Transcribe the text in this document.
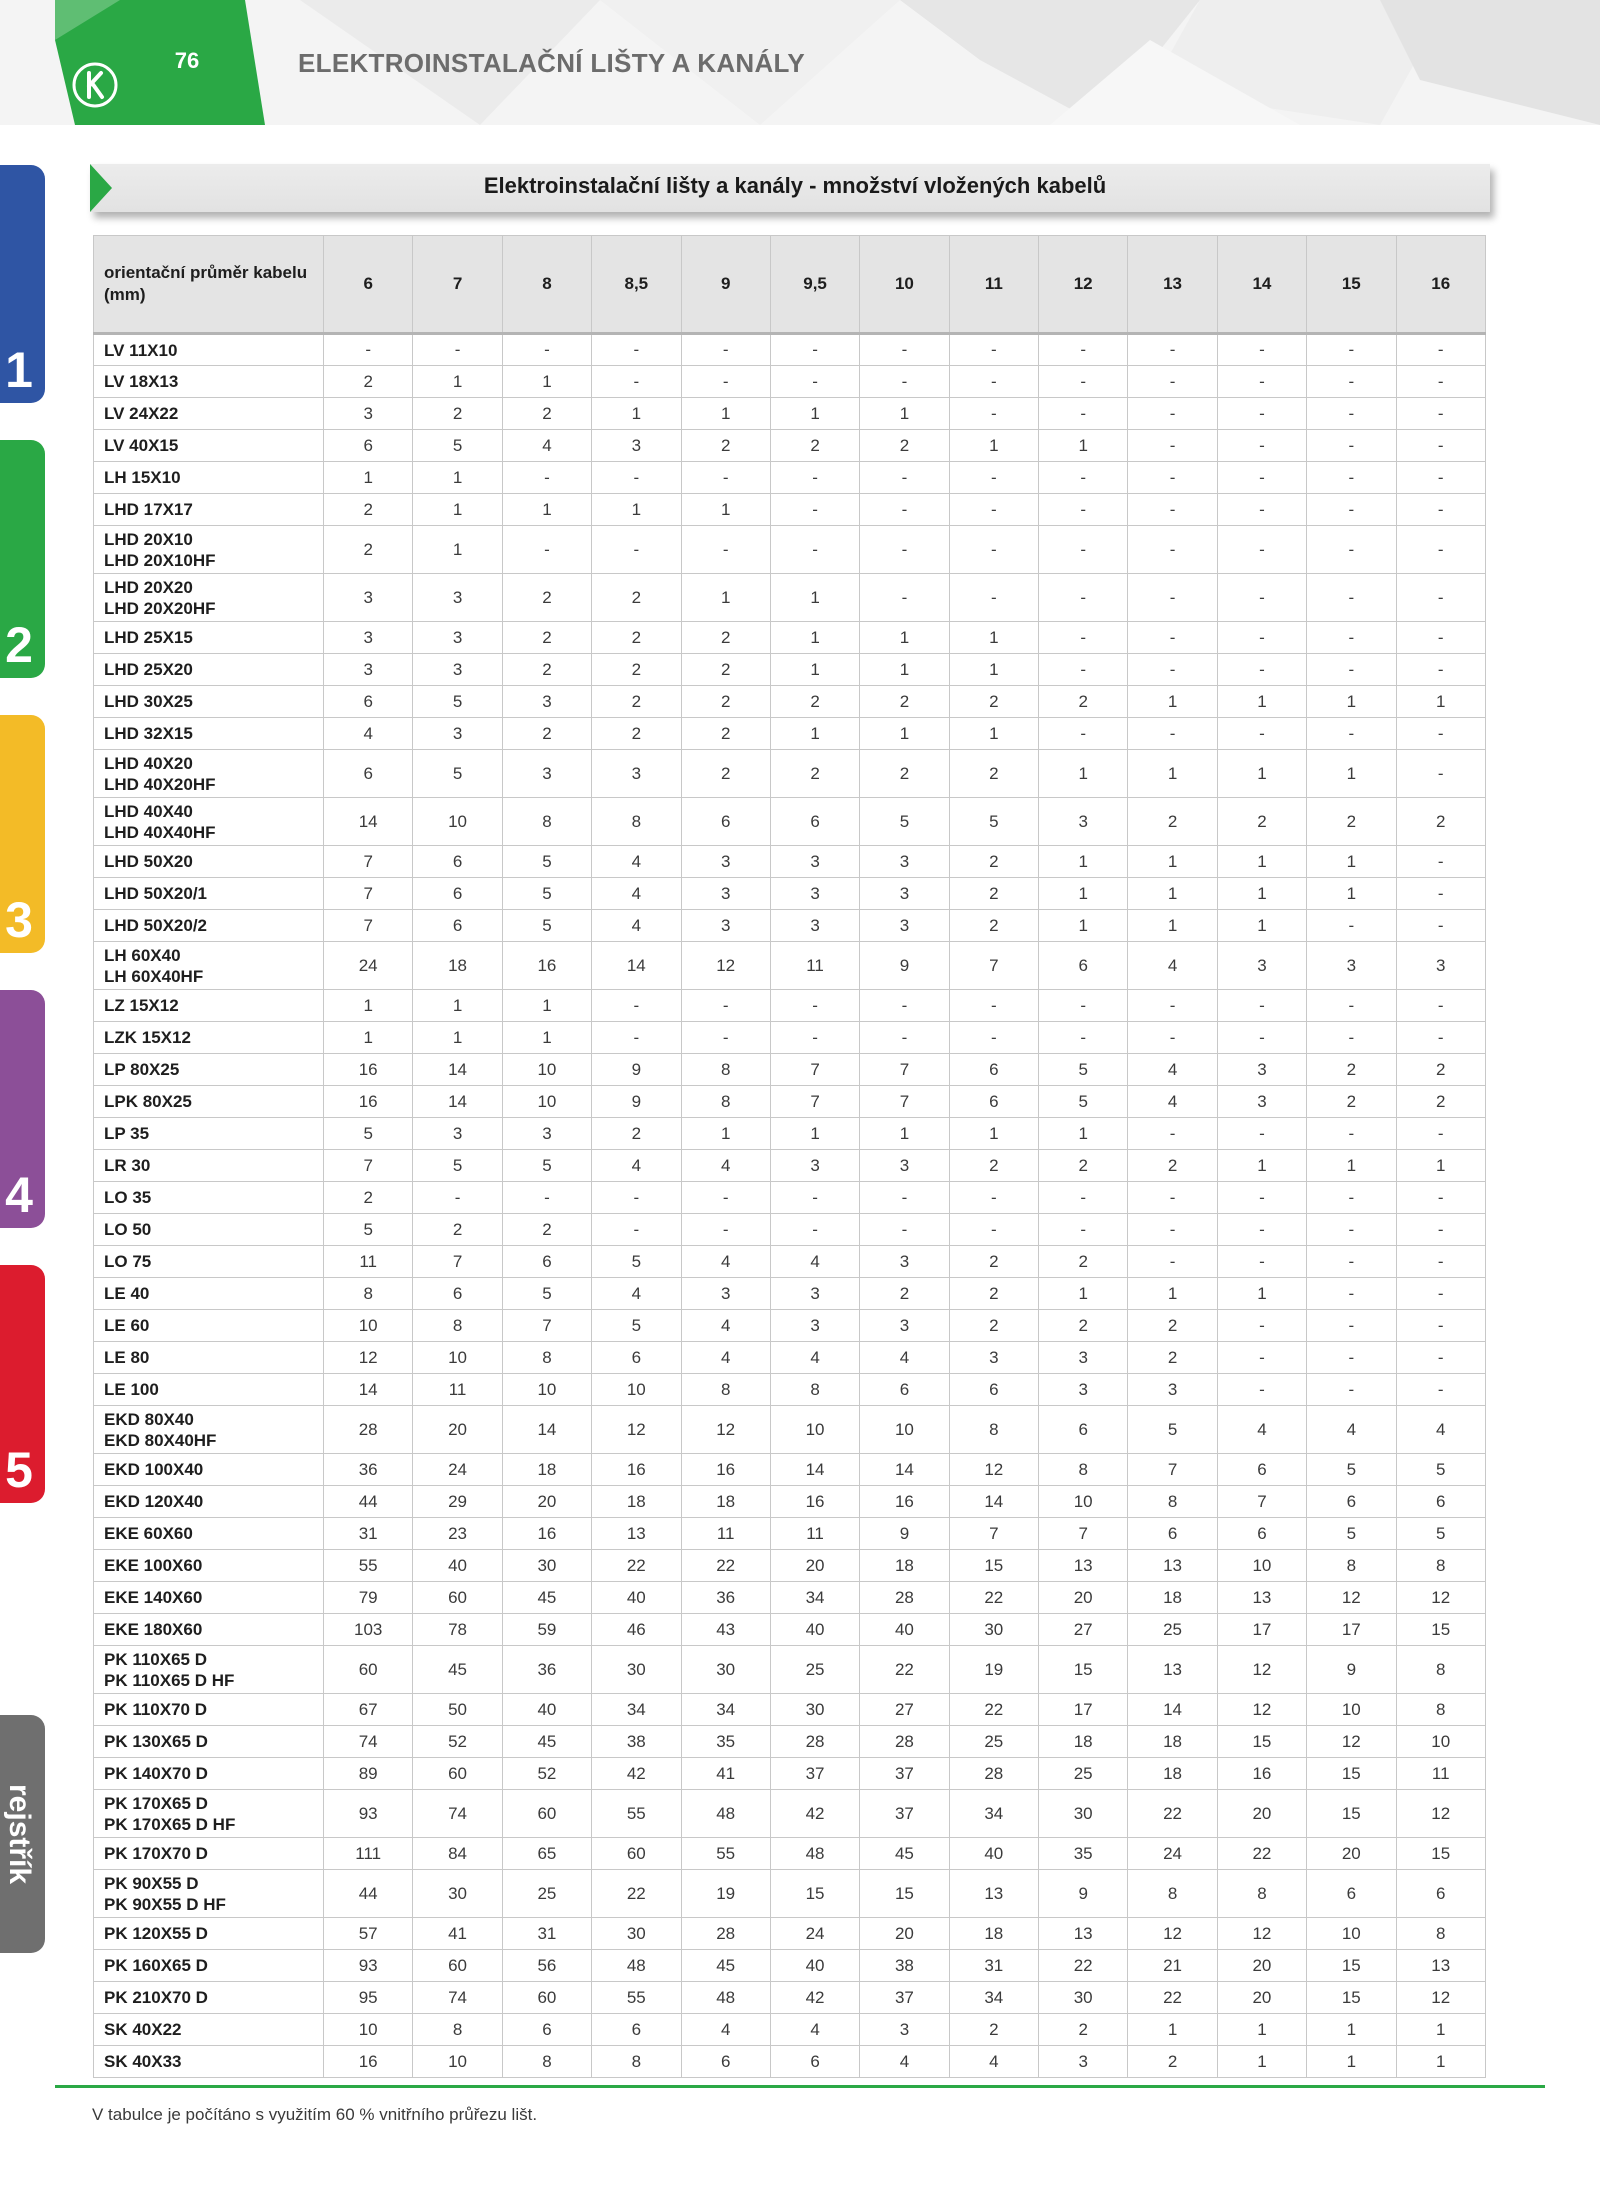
76	ELEKTROINSTALAČNÍ LIŠTY A KANÁLY
1
2
3
4
5
rejstřík
Elektroinstalační lišty a kanály - množství vložených kabelů
orientační průměr kabelu (mm)	6	7	8	8,5	9	9,5	10	11	12	13	14	15	16

LV 11X10	-	-	-	-	-	-	-	-	-	-	-	-	-

LV 18X13	2	1	1	-	-	-	-	-	-	-	-	-	-

LV 24X22	3	2	2	1	1	1	1	-	-	-	-	-	-

LV 40X15	6	5	4	3	2	2	2	1	1	-	-	-	-

LH 15X10	1	1	-	-	-	-	-	-	-	-	-	-	-

LHD 17X17	2	1	1	1	1	-	-	-	-	-	-	-	-

LHD 20X10
LHD 20X10HF	2	1	-	-	-	-	-	-	-	-	-	-	-

LHD 20X20
LHD 20X20HF	3	3	2	2	1	1	-	-	-	-	-	-	-

LHD 25X15	3	3	2	2	2	1	1	1	-	-	-	-	-

LHD 25X20	3	3	2	2	2	1	1	1	-	-	-	-	-

LHD 30X25	6	5	3	2	2	2	2	2	2	1	1	1	1

LHD 32X15	4	3	2	2	2	1	1	1	-	-	-	-	-

LHD 40X20
LHD 40X20HF	6	5	3	3	2	2	2	2	1	1	1	1	-

LHD 40X40
LHD 40X40HF	14	10	8	8	6	6	5	5	3	2	2	2	2

LHD 50X20	7	6	5	4	3	3	3	2	1	1	1	1	-

LHD 50X20/1	7	6	5	4	3	3	3	2	1	1	1	1	-

LHD 50X20/2	7	6	5	4	3	3	3	2	1	1	1	-	-

LH 60X40
LH 60X40HF	24	18	16	14	12	11	9	7	6	4	3	3	3

LZ 15X12	1	1	1	-	-	-	-	-	-	-	-	-	-

LZK 15X12	1	1	1	-	-	-	-	-	-	-	-	-	-

LP 80X25	16	14	10	9	8	7	7	6	5	4	3	2	2

LPK 80X25	16	14	10	9	8	7	7	6	5	4	3	2	2

LP 35	5	3	3	2	1	1	1	1	1	-	-	-	-

LR 30	7	5	5	4	4	3	3	2	2	2	1	1	1

LO 35	2	-	-	-	-	-	-	-	-	-	-	-	-

LO 50	5	2	2	-	-	-	-	-	-	-	-	-	-

LO 75	11	7	6	5	4	4	3	2	2	-	-	-	-

LE 40	8	6	5	4	3	3	2	2	1	1	1	-	-

LE 60	10	8	7	5	4	3	3	2	2	2	-	-	-

LE 80	12	10	8	6	4	4	4	3	3	2	-	-	-

LE 100	14	11	10	10	8	8	6	6	3	3	-	-	-

EKD 80X40
EKD 80X40HF	28	20	14	12	12	10	10	8	6	5	4	4	4

EKD 100X40	36	24	18	16	16	14	14	12	8	7	6	5	5

EKD 120X40	44	29	20	18	18	16	16	14	10	8	7	6	6

EKE 60X60	31	23	16	13	11	11	9	7	7	6	6	5	5

EKE 100X60	55	40	30	22	22	20	18	15	13	13	10	8	8

EKE 140X60	79	60	45	40	36	34	28	22	20	18	13	12	12

EKE 180X60	103	78	59	46	43	40	40	30	27	25	17	17	15

PK 110X65 D
PK 110X65 D HF	60	45	36	30	30	25	22	19	15	13	12	9	8

PK 110X70 D	67	50	40	34	34	30	27	22	17	14	12	10	8

PK 130X65 D	74	52	45	38	35	28	28	25	18	18	15	12	10

PK 140X70 D	89	60	52	42	41	37	37	28	25	18	16	15	11

PK 170X65 D
PK 170X65 D HF	93	74	60	55	48	42	37	34	30	22	20	15	12

PK 170X70 D	111	84	65	60	55	48	45	40	35	24	22	20	15

PK 90X55 D
PK 90X55 D HF	44	30	25	22	19	15	15	13	9	8	8	6	6

PK 120X55 D	57	41	31	30	28	24	20	18	13	12	12	10	8

PK 160X65 D	93	60	56	48	45	40	38	31	22	21	20	15	13

PK 210X70 D	95	74	60	55	48	42	37	34	30	22	20	15	12

SK 40X22	10	8	6	6	4	4	3	2	2	1	1	1	1

SK 40X33	16	10	8	8	6	6	4	4	3	2	1	1	1
V tabulce je počítáno s využitím 60 % vnitřního průřezu lišt.
